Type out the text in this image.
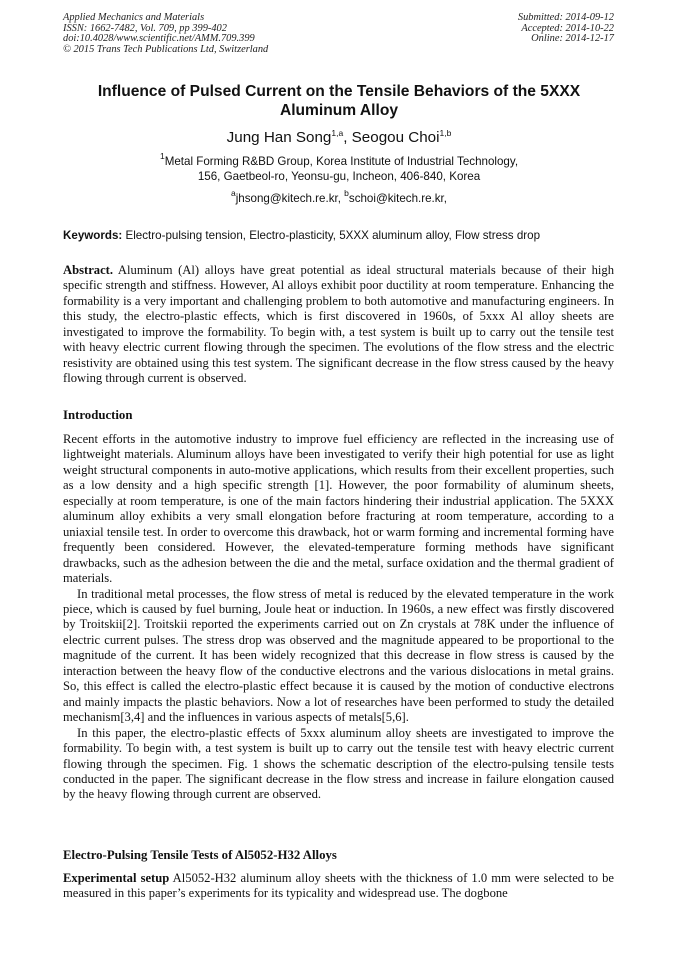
Applied Mechanics and Materials
ISSN: 1662-7482, Vol. 709, pp 399-402
doi:10.4028/www.scientific.net/AMM.709.399
© 2015 Trans Tech Publications Ltd, Switzerland
Submitted: 2014-09-12
Accepted: 2014-10-22
Online: 2014-12-17
Influence of Pulsed Current on the Tensile Behaviors of the 5XXX
Aluminum Alloy
Jung Han Song$^{1,a}$, Seogou Choi$^{1,b}$
$^1$Metal Forming R&BD Group, Korea Institute of Industrial Technology,
156, Gaetbeol-ro, Yeonsu-gu, Incheon, 406-840, Korea
$^a$jhsong@kitech.re.kr, $^b$schoi@kitech.re.kr,
Keywords: Electro-pulsing tension, Electro-plasticity, 5XXX aluminum alloy, Flow stress drop

Abstract. Aluminum (Al) alloys have great potential as ideal structural materials because of their high specific strength and stiffness. However, Al alloys exhibit poor ductility at room temperature. Enhancing the formability is a very important and challenging problem to both automotive and manufacturing engineers. In this study, the electro-plastic effects, which is first discovered in 1960s, of 5xxx Al alloy sheets are investigated to improve the formability. To begin with, a test system is built up to carry out the tensile test with heavy electric current flowing through the specimen. The evolutions of the flow stress and the electric resistivity are obtained using this test system. The significant decrease in the flow stress caused by the heavy flowing through current is observed.

Introduction

Recent efforts in the automotive industry to improve fuel efficiency are reflected in the increasing use of lightweight materials. Aluminum alloys have been investigated to verify their high potential for use as light weight structural components in auto-motive applications, which results from their excellent properties, such as a low density and a high specific strength [1]. However, the poor formability of aluminum sheets, especially at room temperature, is one of the main factors hindering their industrial application. The 5XXX aluminum alloy exhibits a very small elongation before fracturing at room temperature, according to a uniaxial tensile test. In order to overcome this drawback, hot or warm forming and incremental forming have frequently been considered. However, the elevated-temperature forming methods have significant drawbacks, such as the adhesion between the die and the metal, surface oxidation and the thermal gradient of materials.

In traditional metal processes, the flow stress of metal is reduced by the elevated temperature in the work piece, which is caused by fuel burning, Joule heat or induction. In 1960s, a new effect was firstly discovered by Troitskii[2]. Troitskii reported the experiments carried out on Zn crystals at 78K under the influence of electric current pulses. The stress drop was observed and the magnitude appeared to be proportional to the magnitude of the current. It has been widely recognized that this decrease in flow stress is caused by the interaction between the heavy flow of the conductive electrons and the various dislocations in metal grains. So, this effect is called the electro-plastic effect because it is caused by the motion of conductive electrons and mainly impacts the plastic behaviors. Now a lot of researches have been performed to study the detailed mechanism[3,4] and the influences in various aspects of metals[5,6].

In this paper, the electro-plastic effects of 5xxx aluminum alloy sheets are investigated to improve the formability. To begin with, a test system is built up to carry out the tensile test with heavy electric current flowing through the specimen. Fig. 1 shows the schematic description of the electro-pulsing tensile tests conducted in the paper. The significant decrease in the flow stress and increase in failure elongation caused by the heavy flowing through current are observed.

Electro-Pulsing Tensile Tests of Al5052-H32 Alloys

Experimental setup Al5052-H32 aluminum alloy sheets with the thickness of 1.0 mm were selected to be measured in this paper’s experiments for its typicality and widespread use. The dogbone
